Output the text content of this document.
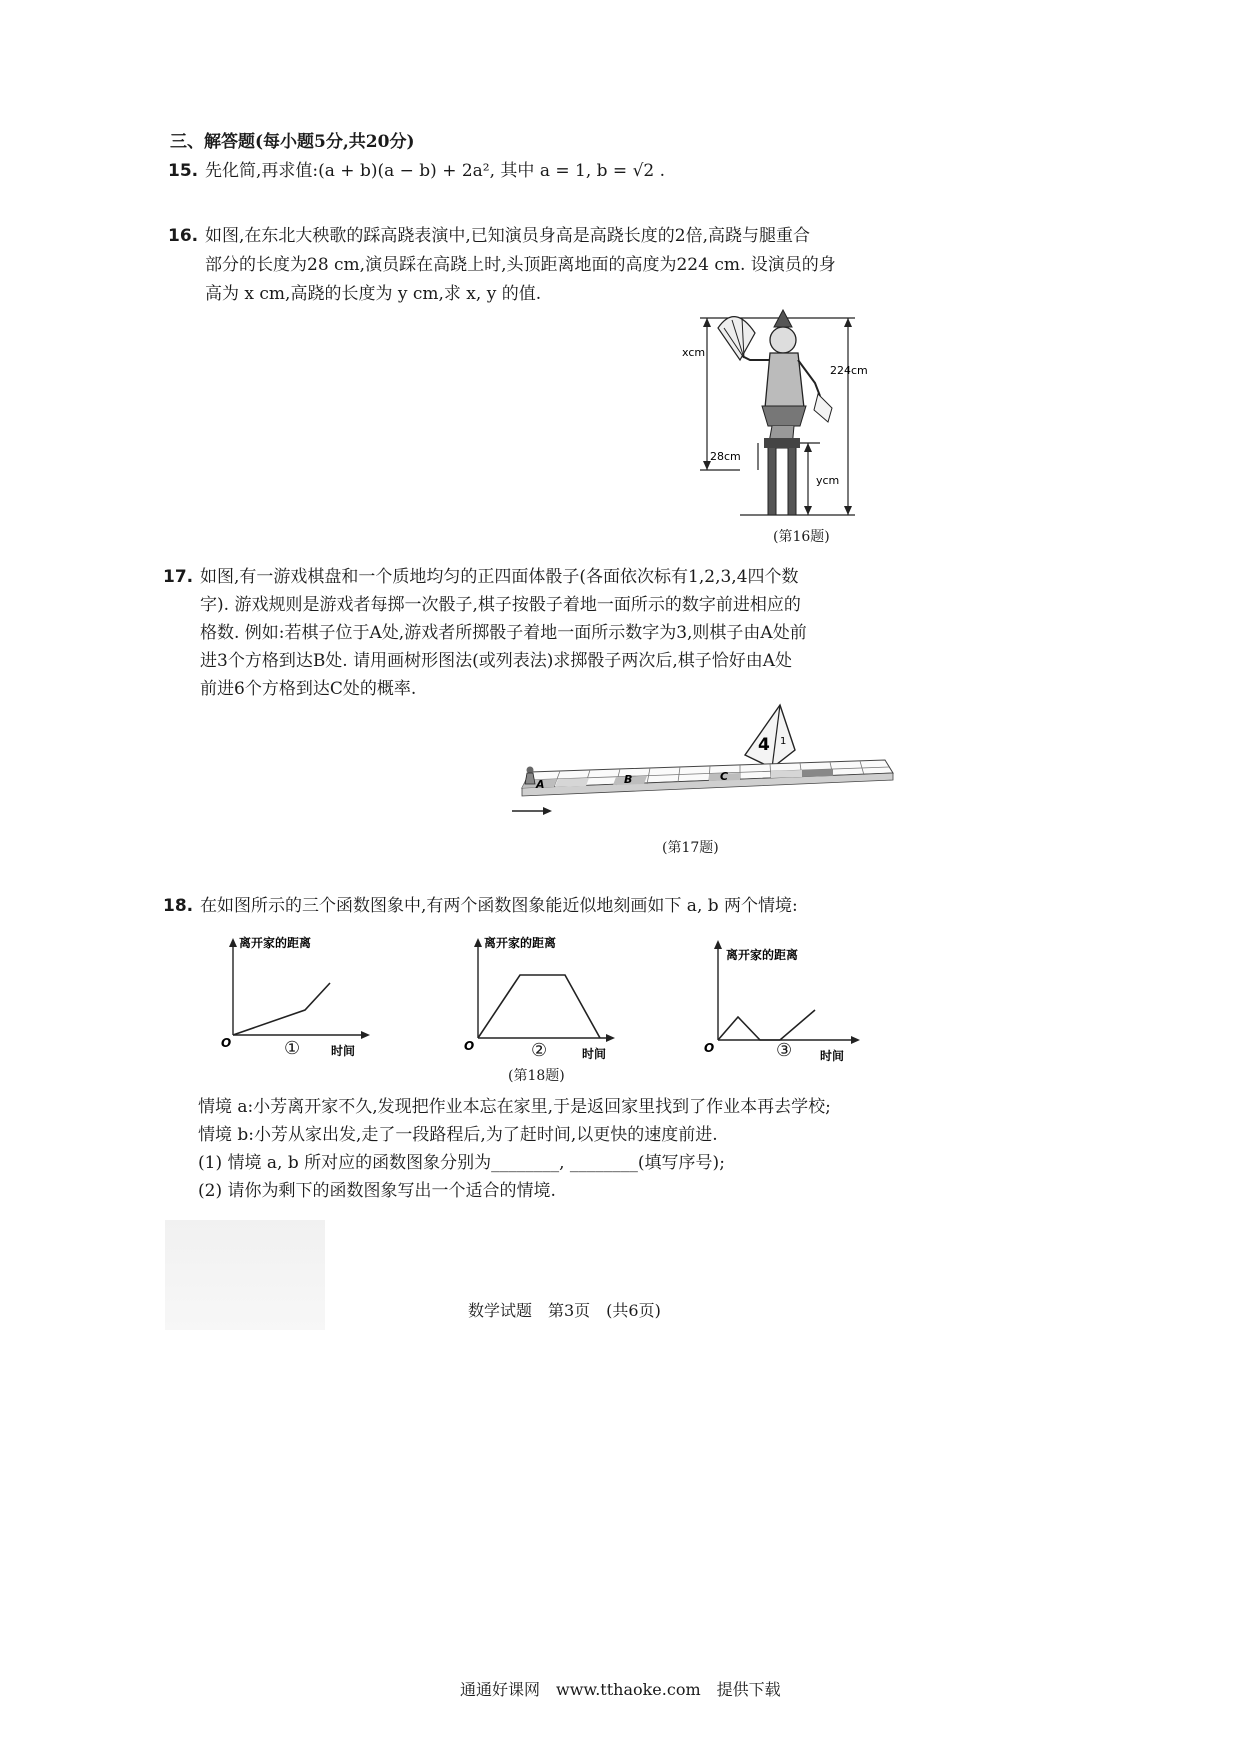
三、解答题(每小题5分,共20分)
15. 先化简,再求值:(a + b)(a − b) + 2a², 其中 a = 1, b = √2 .
16. 如图,在东北大秧歌的踩高跷表演中,已知演员身高是高跷长度的2倍,高跷与腿重合
部分的长度为28 cm,演员踩在高跷上时,头顶距离地面的高度为224 cm. 设演员的身
高为 x cm,高跷的长度为 y cm,求 x, y 的值.
xcm
224cm
28cm
ycm
(第16题)
17. 如图,有一游戏棋盘和一个质地均匀的正四面体骰子(各面依次标有1,2,3,4四个数
字). 游戏规则是游戏者每掷一次骰子,棋子按骰子着地一面所示的数字前进相应的
格数. 例如:若棋子位于A处,游戏者所掷骰子着地一面所示数字为3,则棋子由A处前
进3个方格到达B处. 请用画树形图法(或列表法)求掷骰子两次后,棋子恰好由A处
前进6个方格到达C处的概率.
4 1
A	B	C
(第17题)
18. 在如图所示的三个函数图象中,有两个函数图象能近似地刻画如下 a, b 两个情境:
离开家的距离
时间
O	①
离开家的距离
时间
O	②
离开家的距离
时间
O	③
(第18题)
情境 a:小芳离开家不久,发现把作业本忘在家里,于是返回家里找到了作业本再去学校;
情境 b:小芳从家出发,走了一段路程后,为了赶时间,以更快的速度前进.
(1) 情境 a, b 所对应的函数图象分别为________, ________(填写序号);
(2) 请你为剩下的函数图象写出一个适合的情境.
数学试题　第3页　(共6页)
通通好课网　www.tthaoke.com　提供下载
